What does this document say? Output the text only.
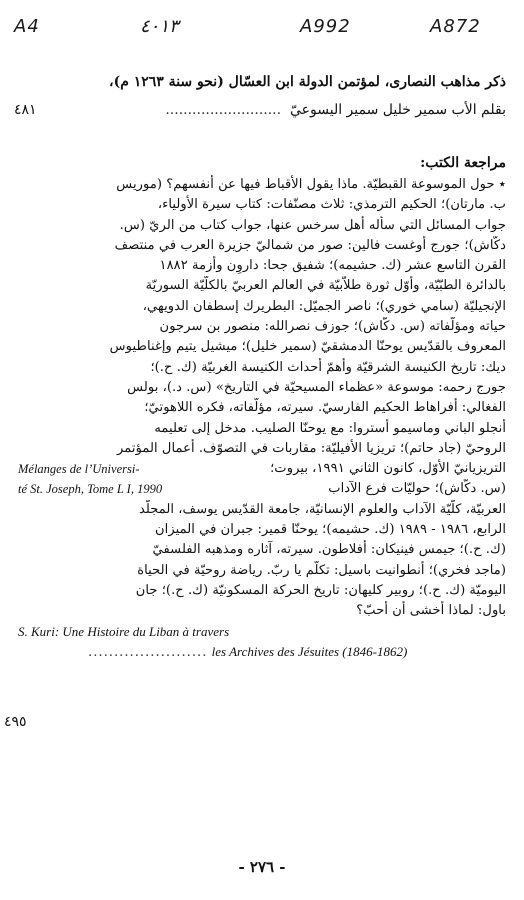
A4	٤٠١٣	A992	A872
ذكر مذاهب النصارى، لمؤتمن الدولة ابن العسّال (نحو سنة ١٢٦٣ م)،
بقلم الأب سمير خليل سمير اليسوعيّ  ..........................
٤٨١
مراجعة الكتب:
٭ حول الموسوعة القبطيّة. ماذا يقول الأقباط فيها عن أنفسهم؟ (موريس
ب. مارتان)؛ الحكيم الترمذي: ثلاث مصنّفات: كتاب سيرة الأولياء،
جواب المسائل التي سأله أهل سرخس عنها، جواب كتاب من الريّ (س.
دكّاش)؛ جورج أوغست فالين: صور من شماليّ جزيرة العرب في منتصف
القرن التاسع عشر (ك. حشيمه)؛ شفيق جحا: داروِن وأزمة ١٨٨٢
بالدائرة الطبّيّة، وأوّل ثورة طلاّبيّة في العالم العربيّ بالكلّيّة السوريّة
الإنجيليّة (سامي خوري)؛ ناصر الجميّل: البطريرك إسطفان الدويهي،
حياته ومؤلّفاته (س. دكّاش)؛ جوزف نصرالله: منصور بن سرجون
المعروف بالقدّيس يوحنّا الدمشقيّ (سمير خليل)؛ ميشيل يتيم وإغناطيوس
ديك: تاريخ الكنيسة الشرقيّة وأهمّ أحداث الكنيسة الغربيّة (ك. ح.)؛
جورج رحمه: موسوعة «عظماء المسيحيّة في التاريخ» (س. د.)، بولس
الفغالي: أفراهاط الحكيم الفارسيّ. سيرته، مؤلّفاته، فكره اللاهوتيّ؛
أنجلو الباني وماسيمو أستروا: مع يوحنّا الصليب. مدخل إلى تعليمه
الروحيّ (جاد حاتم)؛ تريزيا الأفيليّة: مقاربات في التصوّف. أعمال المؤتمر
التريزيانيّ الأوّل، كانون الثاني ١٩٩١، بيروت؛
Mélanges de l’Universi-
(س. دكّاش)؛ حوليّات فرع الآداب
té St. Joseph, Tome L I, 1990
العربيّة، كلّيّة الآداب والعلوم الإنسانيّة، جامعة القدّيس يوسف، المجلّد
الرابع، ١٩٨٦ - ١٩٨٩ (ك. حشيمه)؛ يوحنّا قمير: جبران في الميزان
(ك. ح.)؛ جيمس فينيكان: أفلاطون. سيرته، آثاره ومذهبه الفلسفيّ
(ماجد فخري)؛ أنطوانيت باسيل: تكلّم يا ربّ. رياضة روحيّة في الحياة
اليوميّة (ك. ح.)؛ روبير كليهان: تاريخ الحركة المسكونيّة (ك. ح.)؛ جان
باول: لماذا أخشى أن أحبّ؟
S. Kuri: Une Histoire du Liban à travers
....................... les Archives des Jésuites (1846-1862)
٤٩٥
- ٢٧٦ -
